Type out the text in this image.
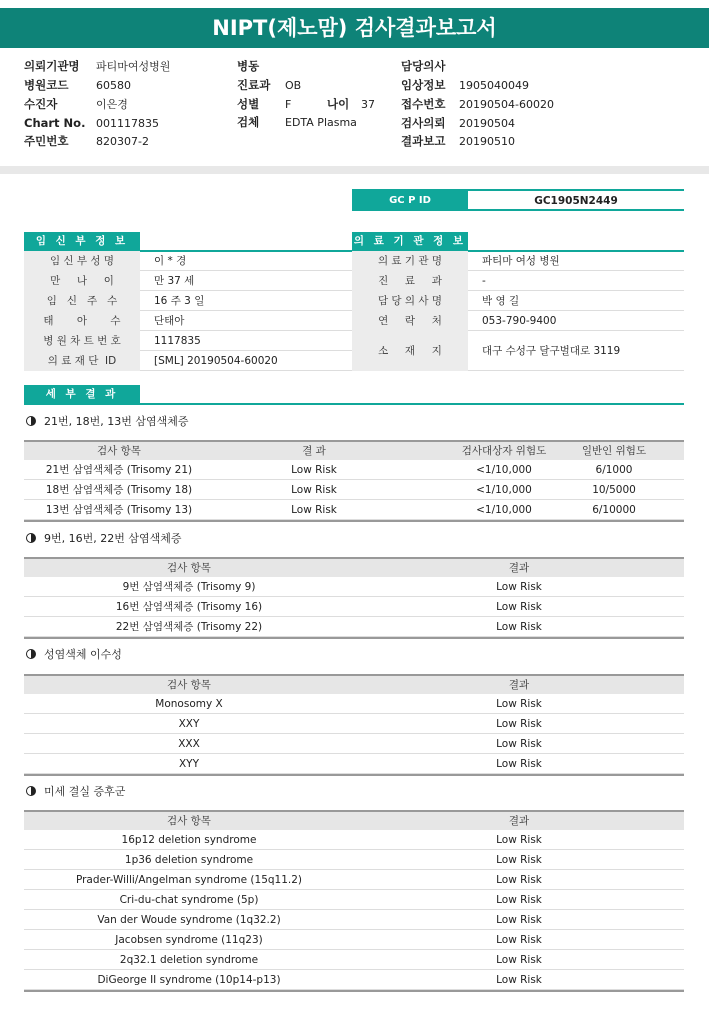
NIPT(제노맘) 검사결과보고서
의뢰기관명 파티마여성병원
병원코드	60580
수진자	이은경
Chart No. 001117835
주민번호	820307-2
병동
진료과 OB
성별 F	나이 37
검체 EDTA Plasma
담당의사
임상정보 1905040049
접수번호 20190504-60020
검사의뢰 20190504
결과보고 20190510
GC P ID	GC1905N2449
임 신 부 정 보
임 신 부 성 명	이 * 경
만     나     이	만 37 세
임   신   주   수	16 주 3 일
태       아       수	단태아
병 원 차 트 번 호	1117835
의 료 재 단  ID	[SML] 20190504-60020
의 료 기 관 정 보
의 료 기 관 명	파티마 여성 병원
진     료     과	-
담 당 의 사 명	박 영 길
연     락     처	053-790-9400
소     재     지	대구 수성구 달구벌대로 3119
세 부 결 과
21번, 18번, 13번 삼염색체증
검사 항목	결 과	검사대상자 위험도	일반인 위험도
21번 삼염색체증 (Trisomy 21)	Low Risk	<1/10,000	6/1000
18번 삼염색체증 (Trisomy 18)	Low Risk	<1/10,000	10/5000
13번 삼염색체증 (Trisomy 13)	Low Risk	<1/10,000	6/10000
9번, 16번, 22번 삼염색체증
검사 항목	결과
9번 삼염색체증 (Trisomy 9)	Low Risk
16번 삼염색체증 (Trisomy 16)	Low Risk
22번 삼염색체증 (Trisomy 22)	Low Risk
성염색체 이수성
검사 항목	결과
Monosomy X	Low Risk
XXY	Low Risk
XXX	Low Risk
XYY	Low Risk
미세 결실 증후군
검사 항목	결과
16p12 deletion syndrome	Low Risk
1p36 deletion syndrome	Low Risk
Prader-Willi/Angelman syndrome (15q11.2)	Low Risk
Cri-du-chat syndrome (5p)	Low Risk
Van der Woude syndrome (1q32.2)	Low Risk
Jacobsen syndrome (11q23)	Low Risk
2q32.1 deletion syndrome	Low Risk
DiGeorge II syndrome (10p14-p13)	Low Risk
